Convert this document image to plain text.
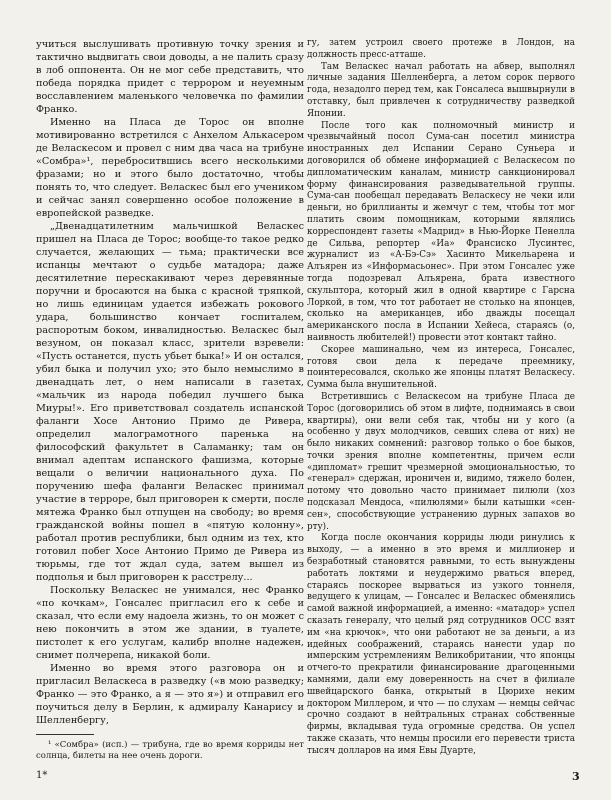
учиться выслушивать противную точку зрения и тактично выдвигать свои доводы, а не палить сразу в лоб оппонента. Он не мог себе представить, что победа порядка придет с террором и неуемным восславлением маленького человечка по фамилии Франко.

Именно на Пласа де Торос он вполне мотивированно встретился с Анхелом Алькасером де Веласкесом и провел с ним два часа на трибуне «Сомбра»¹, переброситвшись всего несколькими фразами; но и этого было достаточно, чтобы понять то, что следует. Веласкес был его учеником и сейчас занял совершенно особое положение в европейской разведке.

„Двенадцатилетним мальчишкой Веласкес пришел на Пласа де Торос; вообще-то такое редко случается, желающих — тьма; практически все испанцы мечтают о судьбе матадора; даже десятилетние перескакивают через деревянные поручни и бросаются на быка с красной тряпкой, но лишь единицам удается избежать рокового удара, большинство кончает госпиталем, распоротым боком, инвалидностью. Веласкес был везуном, он показал класс, зрители взревели: «Пусть останется, пусть убьет быка!» И он остался, убил быка и получил ухо; это было немыслимо в двенадцать лет, о нем написали в газетах, «мальчик из народа победил лучшего быка Миуры!». Его приветствовал создатель испанской фаланги Хосе Антонио Примо де Ривера, определил малограмотного паренька на философский факультет в Саламанку; там он внимал адептам испанского фашизма, которые вещали о величии национального духа. По поручению шефа фаланги Веласкес принимал участие в терроре, был приговорен к смерти, после мятежа Франко был отпущен на свободу; во время гражданской войны пошел в «пятую колонну», работал против республики, был одним из тех, кто готовил побег Хосе Антонио Примо де Ривера из тюрьмы, где тот ждал суда, затем вышел из подполья и был приговорен к расстрелу...

Поскольку Веласкес не унимался, нес Франко «по кочкам», Гонсалес пригласил его к себе и сказал, что если ему надоела жизнь, то он может с нею покончить в этом же здании, в туалете, пистолет к его услугам, калибр вполне надежен, снимет полчерепа, никакой боли.

Именно во время этого разговора он и пригласил Веласкеса в разведку («в мою разведку; Франко — это Франко, а я — это я») и отправил его поучиться делу в Берлин, к адмиралу Канарису и Шелленбергу,

гу, затем устроил своего протеже в Лондон, на должность пресс-атташе.

Там Веласкес начал работать на абвер, выполнял личные задания Шелленберга, а летом сорок первого года, незадолго перед тем, как Гонсалеса вышвырнули в отставку, был привлечен к сотрудничеству разведкой Японии.

После того как полномочный министр и чрезвычайный посол Сума-сан посетил министра иностранных дел Испании Серано Суньера и договорился об обмене информацией с Веласкесом по дипломатическим каналам, министр санкционировал форму финансирования разведывательной группы. Сума-сан пообещал передавать Веласкесу не чеки или деньги, но бриллианты и жемчуг с тем, чтобы тот мог платить своим помощникам, которыми являлись корреспондент газеты «Мадрид» в Нью-Йорке Пенелла де Сильва, репортер «Иа» Франсиско Лусинтес, журналист из «А-Бэ-Сэ» Хасинто Микельарена и Алъярен из «Информасьонес». При этом Гонсалес уже тогда подозревал Алъярена, брата известного скульптора, который жил в одной квартире с Гарсна Лоркой, в том, что тот работает не столько на японцев, сколько на американцев, ибо дважды посещал американского посла в Испании Хейеса, стараясь (о, наивность любителей!) провести этот контакт тайно.

Скорее машинально, чем из интереса, Гонсалес, готовя свои дела к передаче преемнику, поинтересовался, сколько же японцы платят Веласкесу. Сумма была внушительной.

Встретившись с Веласкесом на трибуне Пласа де Торос (договорились об этом в лифте, поднимаясь в свои квартиры), они вели себя так, чтобы ни у кого (а особенно у двух молодчиков, севших слева от них) не было никаких сомнений: разговор только о бое быков, точки зрения вполне компетентны, причем если «дипломат» грешит чрезмерной эмоциональностью, то «генерал» сдержан, ироничен и, видимо, тяжело болен, потому что довольно часто принимает пилюли (хоз подсказал Мендоса, «пилюлями» были катышки «сен-сен», способствующие устранению дурных запахов во рту).

Когда после окончания корриды люди ринулись к выходу, — а именно в это время и миллионер и безработный становятся равными, то есть вынуждены работать локтями и неудержимо рваться вперед, стараясь поскорее вырваться из узкого тоннеля, ведущего к улицам, — Гонсалес и Веласкес обменялись самой важной информацией, а именно: «матадор» успел сказать генералу, что целый ряд сотрудников ОСС взят им «на крючок», что они работают не за деньги, а из идейных соображений, стараясь нанести удар по имперским устремлениям Великобритании, что японцы отчего-то прекратили финансирование драгоценными камнями, дали ему доверенность на счет в филиале швейцарского банка, открытый в Цюрихе неким доктором Миллером, и что — по слухам — немцы сейчас срочно создают в нейтральных странах собственные фирмы, вкладывая туда огромные средства. Он успел также сказать, что немцы просили его перевести триста тысяч долларов на имя Евы Дуарте,

¹ «Сомбра» (исп.) — трибуна, где во время корриды нет солнца, билеты на нее очень дороги.
1*	3
